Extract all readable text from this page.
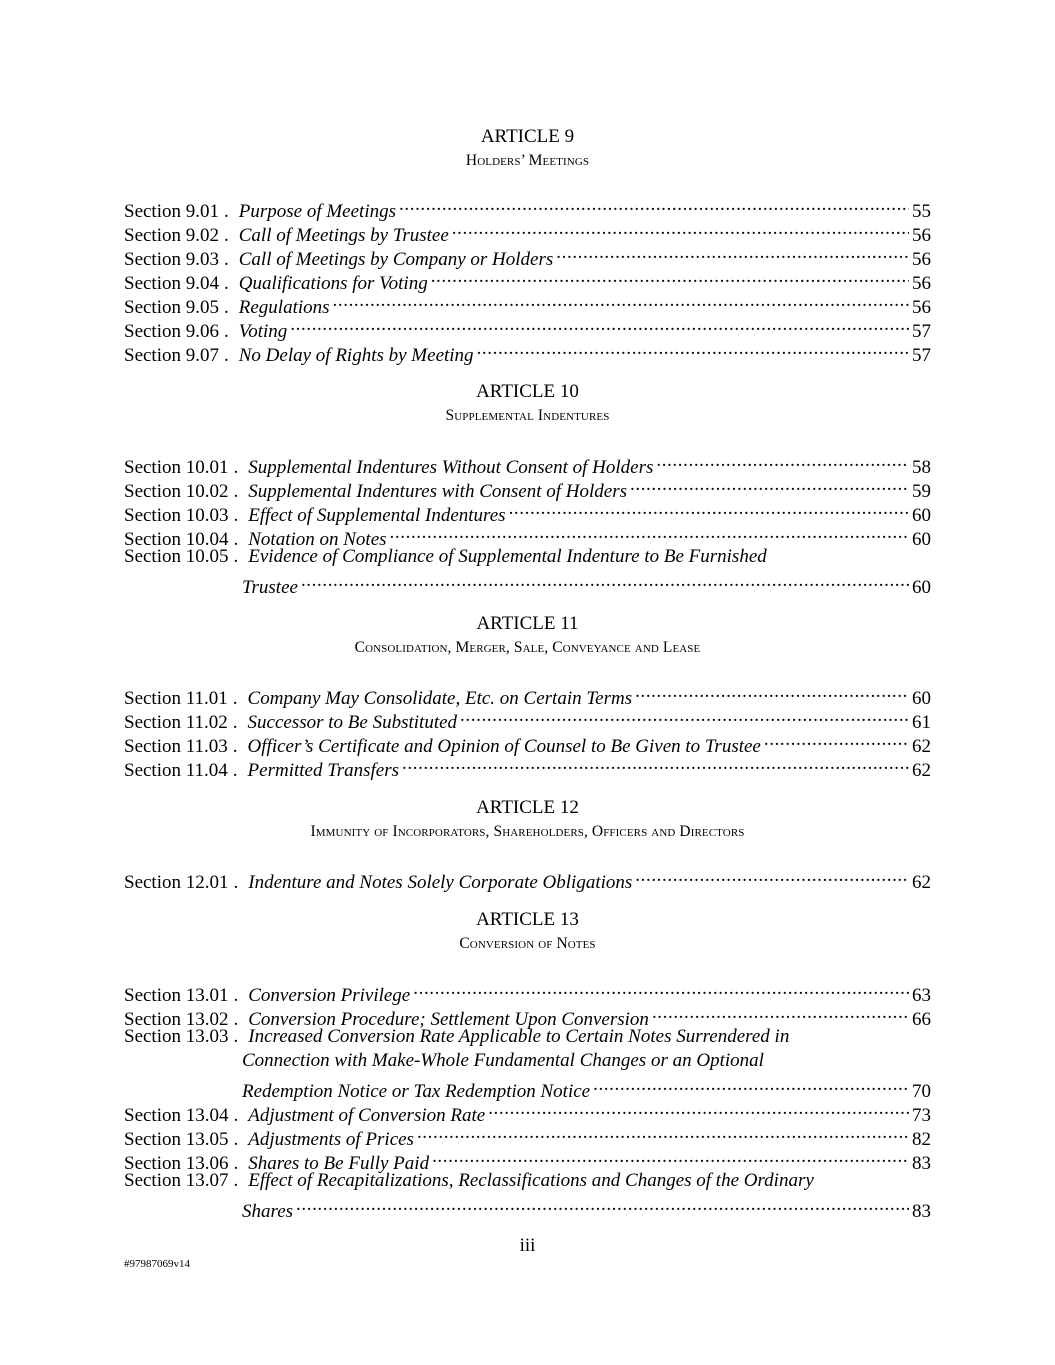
ARTICLE 9
Holders’ Meetings
Section 9.01 . Purpose of Meetings .....	55
Section 9.02 . Call of Meetings by Trustee .....	56
Section 9.03 . Call of Meetings by Company or Holders .....	56
Section 9.04 . Qualifications for Voting .....	56
Section 9.05 . Regulations .....	56
Section 9.06 . Voting .....	57
Section 9.07 . No Delay of Rights by Meeting .....	57
ARTICLE 10
Supplemental Indentures
Section 10.01 . Supplemental Indentures Without Consent of Holders .....	58
Section 10.02 . Supplemental Indentures with Consent of Holders .....	59
Section 10.03 . Effect of Supplemental Indentures .....	60
Section 10.04 . Notation on Notes .....	60
Section 10.05 . Evidence of Compliance of Supplemental Indenture to Be Furnished
Trustee .....	60
ARTICLE 11
Consolidation, Merger, Sale, Conveyance and Lease
Section 11.01 . Company May Consolidate, Etc. on Certain Terms .....	60
Section 11.02 . Successor to Be Substituted .....	61
Section 11.03 . Officer’s Certificate and Opinion of Counsel to Be Given to Trustee .....	62
Section 11.04 . Permitted Transfers .....	62
ARTICLE 12
Immunity of Incorporators, Shareholders, Officers and Directors
Section 12.01 . Indenture and Notes Solely Corporate Obligations .....	62
ARTICLE 13
Conversion of Notes
Section 13.01 . Conversion Privilege .....	63
Section 13.02 . Conversion Procedure; Settlement Upon Conversion .....	66
Section 13.03 . Increased Conversion Rate Applicable to Certain Notes Surrendered in
Connection with Make-Whole Fundamental Changes or an Optional
Redemption Notice or Tax Redemption Notice .....	70
Section 13.04 . Adjustment of Conversion Rate .....	73
Section 13.05 . Adjustments of Prices .....	82
Section 13.06 . Shares to Be Fully Paid .....	83
Section 13.07 . Effect of Recapitalizations, Reclassifications and Changes of the Ordinary
Shares .....	83
iii
#97987069v14
